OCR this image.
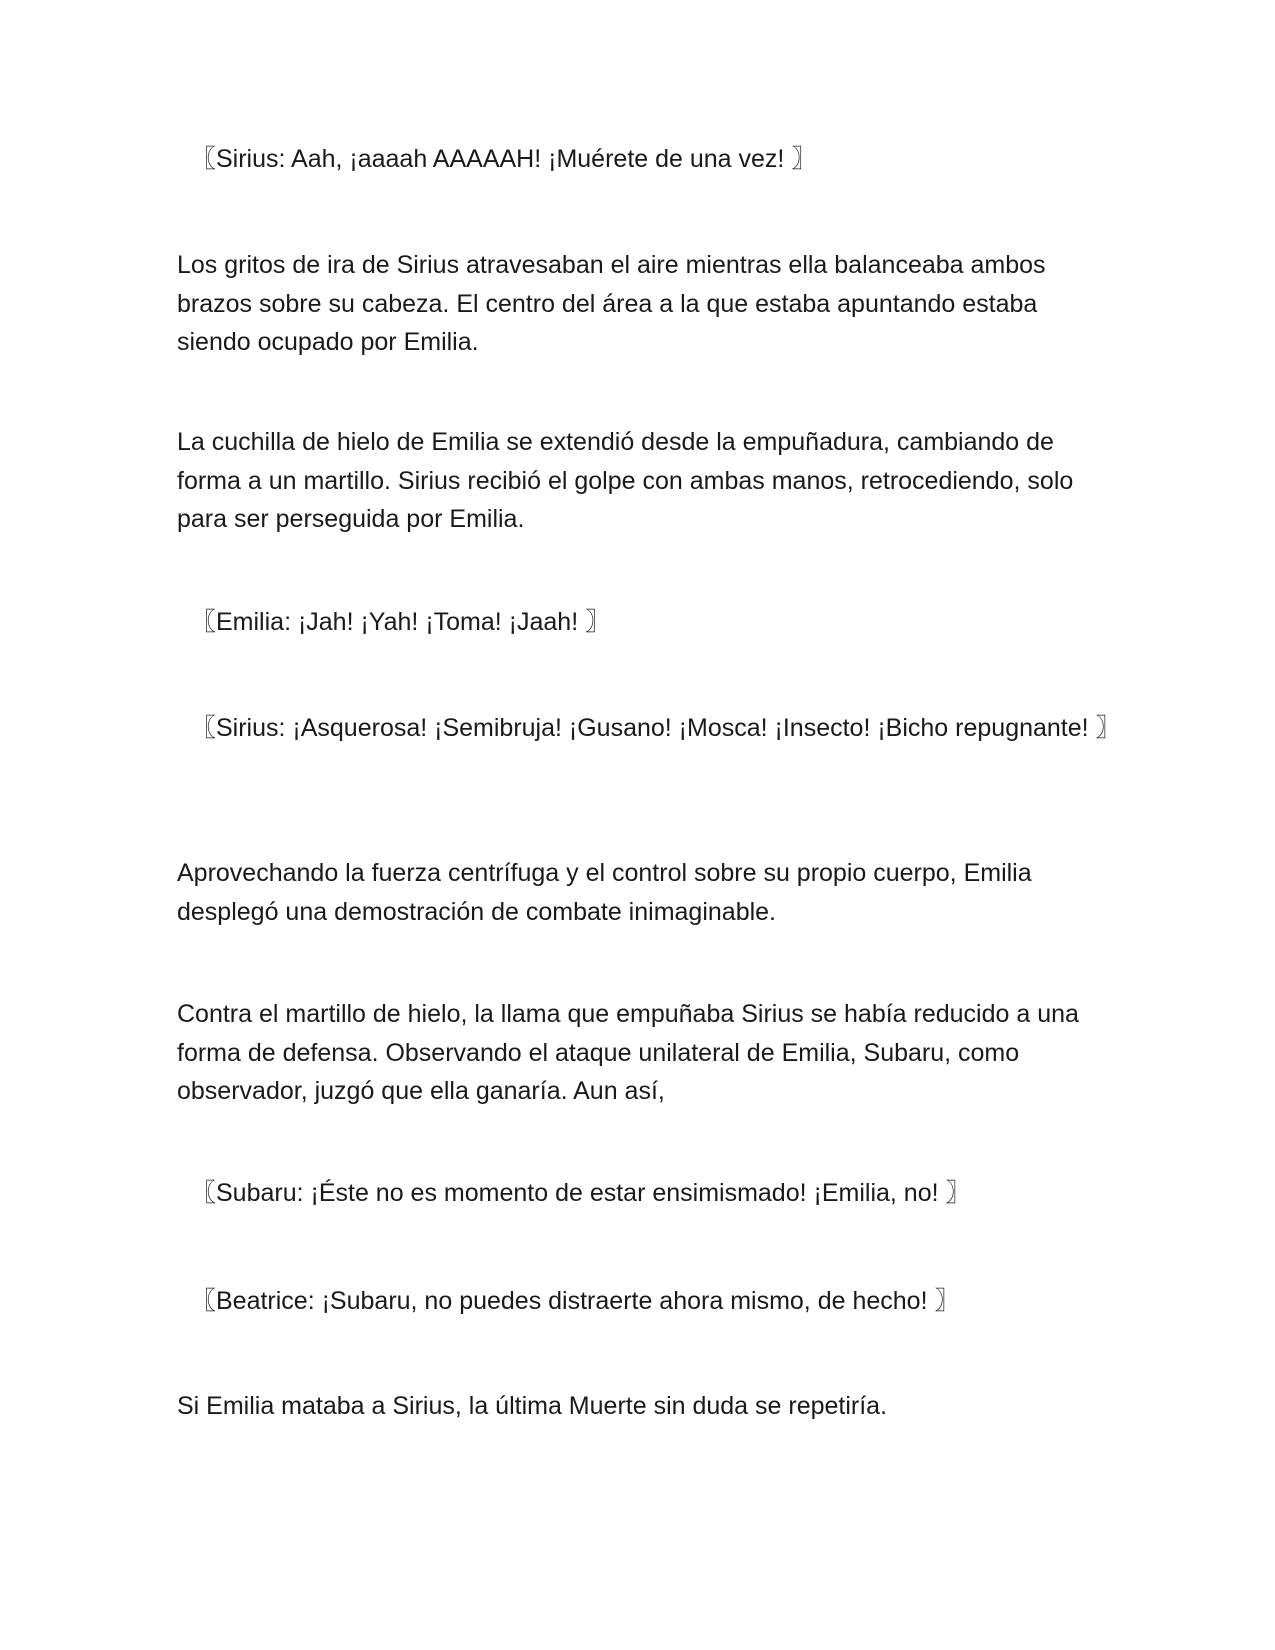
〖Sirius: Aah, ¡aaaah AAAAAH! ¡Muérete de una vez! 〗

Los gritos de ira de Sirius atravesaban el aire mientras ella balanceaba ambos brazos sobre su cabeza. El centro del área a la que estaba apuntando estaba siendo ocupado por Emilia.

La cuchilla de hielo de Emilia se extendió desde la empuñadura, cambiando de forma a un martillo. Sirius recibió el golpe con ambas manos, retrocediendo, solo para ser perseguida por Emilia.

〖Emilia: ¡Jah! ¡Yah! ¡Toma! ¡Jaah! 〗

〖Sirius: ¡Asquerosa! ¡Semibruja! ¡Gusano! ¡Mosca! ¡Insecto! ¡Bicho repugnante! 〗

Aprovechando la fuerza centrífuga y el control sobre su propio cuerpo, Emilia desplegó una demostración de combate inimaginable.

Contra el martillo de hielo, la llama que empuñaba Sirius se había reducido a una forma de defensa. Observando el ataque unilateral de Emilia, Subaru, como observador, juzgó que ella ganaría. Aun así,

〖Subaru: ¡Éste no es momento de estar ensimismado! ¡Emilia, no! 〗

〖Beatrice: ¡Subaru, no puedes distraerte ahora mismo, de hecho! 〗

Si Emilia mataba a Sirius, la última Muerte sin duda se repetiría.
